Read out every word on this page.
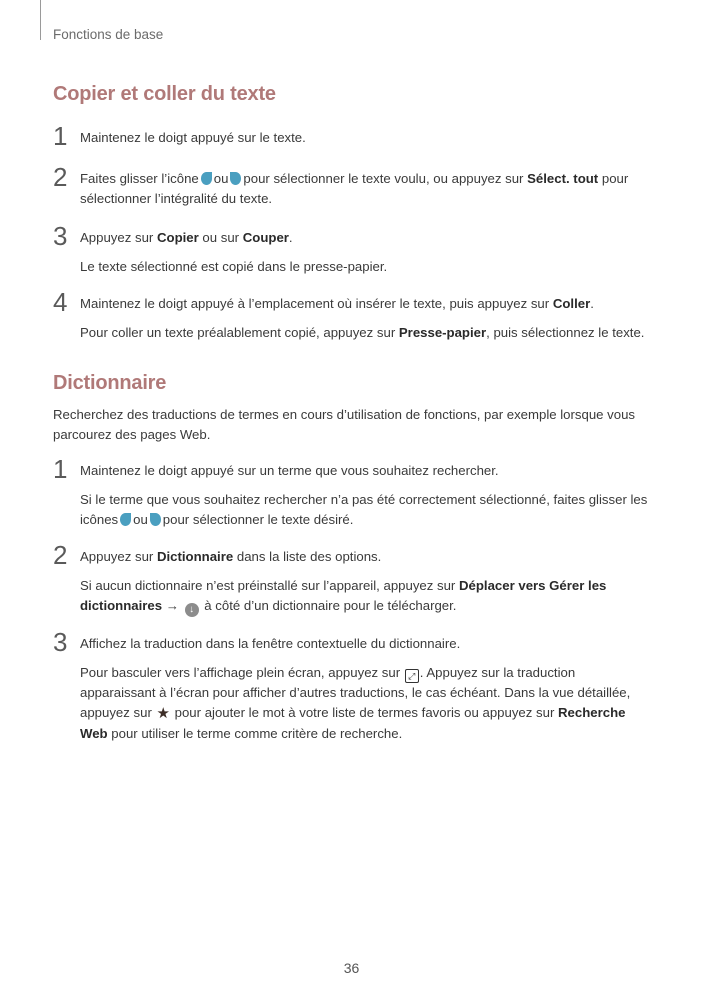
Fonctions de base
Copier et coller du texte
1 Maintenez le doigt appuyé sur le texte.

2 Faites glisser l’icône ou pour sélectionner le texte voulu, ou appuyez sur Sélect. tout pour sélectionner l’intégralité du texte.

3 Appuyez sur Copier ou sur Couper.

Le texte sélectionné est copié dans le presse-papier.

4 Maintenez le doigt appuyé à l’emplacement où insérer le texte, puis appuyez sur Coller.

Pour coller un texte préalablement copié, appuyez sur Presse-papier, puis sélectionnez le texte.

Dictionnaire
Recherchez des traductions de termes en cours d’utilisation de fonctions, par exemple lorsque vous parcourez des pages Web.
1 Maintenez le doigt appuyé sur un terme que vous souhaitez rechercher.

Si le terme que vous souhaitez rechercher n’a pas été correctement sélectionné, faites glisser les icônes ou pour sélectionner le texte désiré.

2 Appuyez sur Dictionnaire dans la liste des options.

Si aucun dictionnaire n’est préinstallé sur l’appareil, appuyez sur Déplacer vers Gérer les dictionnaires → ↓ à côté d’un dictionnaire pour le télécharger.

3 Affichez la traduction dans la fenêtre contextuelle du dictionnaire.

Pour basculer vers l’affichage plein écran, appuyez sur ⤢ . Appuyez sur la traduction apparaissant à l’écran pour afficher d’autres traductions, le cas échéant. Dans la vue détaillée, appuyez sur ★ pour ajouter le mot à votre liste de termes favoris ou appuyez sur Recherche Web pour utiliser le terme comme critère de recherche.

36
